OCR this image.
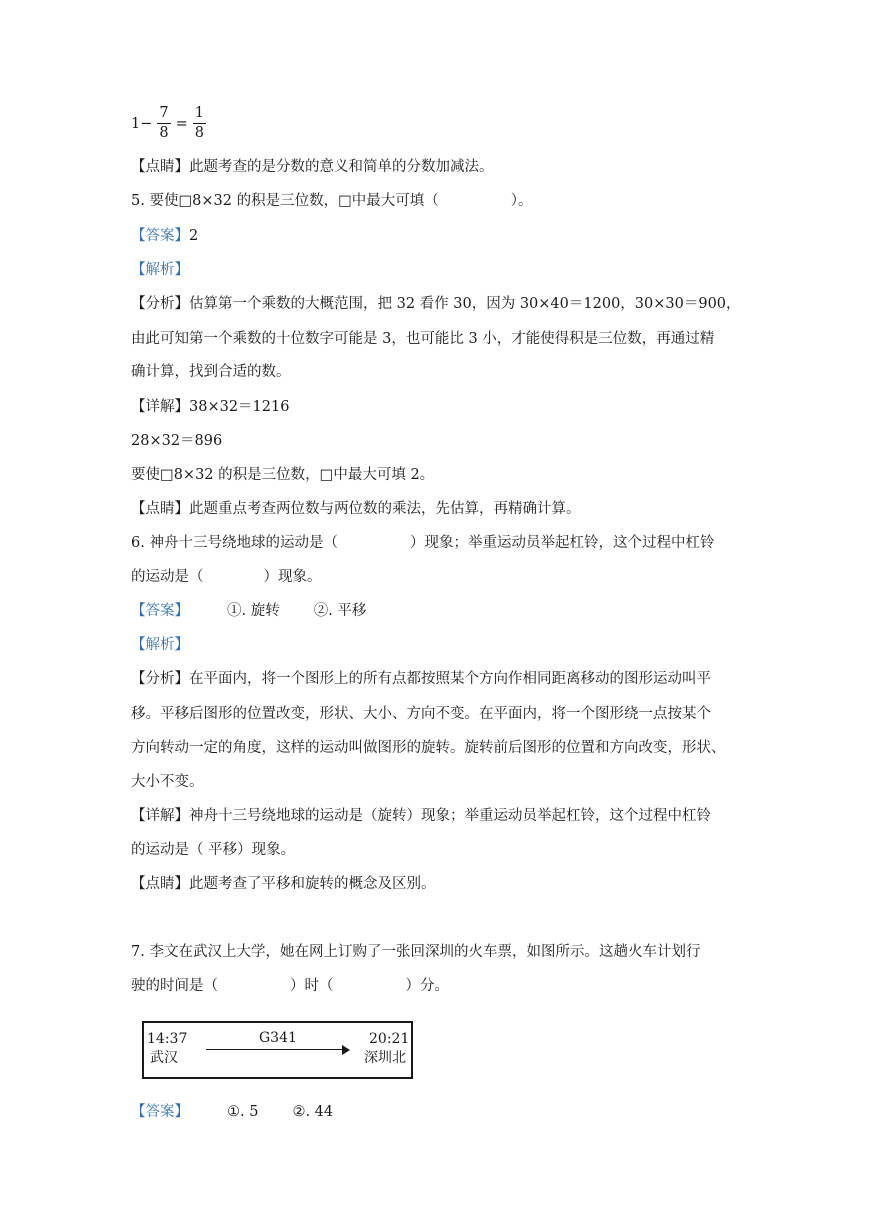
$1- \frac{7}{8} = \frac{1}{8}$
【点睛】此题考查的是分数的意义和简单的分数加减法。
5. 要使□8×32 的积是三位数，□中最大可填（	）。
【答案】2
【解析】
【分析】估算第一个乘数的大概范围，把 32 看作 30，因为 30×40＝1200，30×30＝900，
由此可知第一个乘数的十位数字可能是 3，也可能比 3 小，才能使得积是三位数，再通过精
确计算，找到合适的数。
【详解】38×32＝1216
28×32＝896
要使□8×32 的积是三位数，□中最大可填 2。
【点睛】此题重点考查两位数与两位数的乘法，先估算，再精确计算。
6. 神舟十三号绕地球的运动是（	）现象；举重运动员举起杠铃，这个过程中杠铃
的运动是（	）现象。
【答案】	①. 旋转 ②. 平移
【解析】
【分析】在平面内，将一个图形上的所有点都按照某个方向作相同距离移动的图形运动叫平
移。平移后图形的位置改变，形状、大小、方向不变。在平面内，将一个图形绕一点按某个
方向转动一定的角度，这样的运动叫做图形的旋转。旋转前后图形的位置和方向改变，形状、
大小不变。
【详解】神舟十三号绕地球的运动是（旋转）现象；举重运动员举起杠铃，这个过程中杠铃
的运动是（ 平移）现象。
【点睛】此题考查了平移和旋转的概念及区别。
7. 李文在武汉上大学，她在网上订购了一张回深圳的火车票，如图所示。这趟火车计划行
驶的时间是（	）时（	）分。
14:37
武汉
G341	20:21
深圳北
【答案】	①. 5 ②. 44
